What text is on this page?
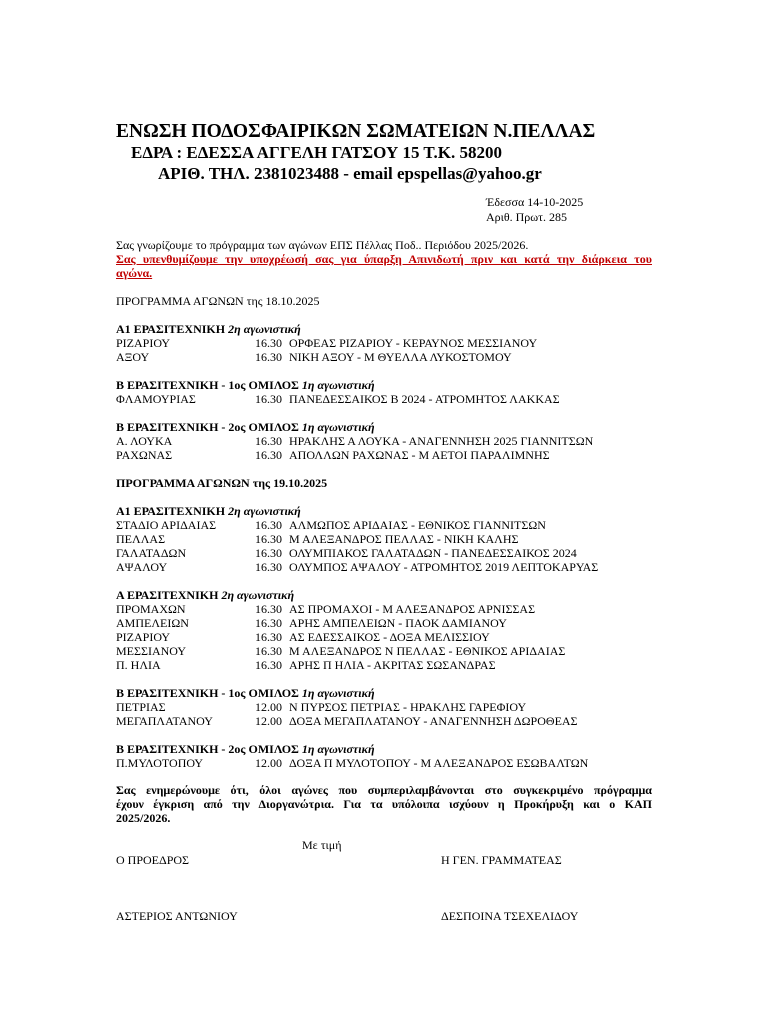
ΕΝΩΣΗ ΠΟΔΟΣΦΑΙΡΙΚΩΝ ΣΩΜΑΤΕΙΩΝ Ν.ΠΕΛΛΑΣ
ΕΔΡΑ : ΕΔΕΣΣΑ ΑΓΓΕΛΗ ΓΑΤΣΟΥ 15 Τ.Κ. 58200
ΑΡΙΘ. ΤΗΛ. 2381023488 - email epspellas@yahoo.gr
Έδεσσα 14-10-2025
Αριθ. Πρωτ. 285
Σας γνωρίζουμε το πρόγραμμα των αγώνων ΕΠΣ Πέλλας Ποδ.. Περιόδου 2025/2026.
Σας υπενθυμίζουμε την υποχρέωσή σας για ύπαρξη Απινιδωτή πριν και κατά την διάρκεια του
αγώνα.
ΠΡΟΓΡΑΜΜΑ ΑΓΩΝΩΝ της 18.10.2025
Α1 ΕΡΑΣΙΤΕΧΝΙΚΗ 2η αγωνιστική
ΡΙΖΑΡΙΟΥ	16.30 ΟΡΦΕΑΣ ΡΙΖΑΡΙΟΥ - ΚΕΡΑΥΝΟΣ ΜΕΣΣΙΑΝΟΥ
ΑΞΟΥ	16.30 ΝΙΚΗ ΑΞΟΥ - Μ ΘΥΕΛΛΑ ΛΥΚΟΣΤΟΜΟΥ
Β ΕΡΑΣΙΤΕΧΝΙΚΗ - 1ος ΟΜΙΛΟΣ 1η αγωνιστική
ΦΛΑΜΟΥΡΙΑΣ	16.30 ΠΑΝΕΔΕΣΣΑΙΚΟΣ Β 2024 - ΑΤΡΟΜΗΤΟΣ ΛΑΚΚΑΣ
Β ΕΡΑΣΙΤΕΧΝΙΚΗ - 2ος ΟΜΙΛΟΣ 1η αγωνιστική
Α. ΛΟΥΚΑ	16.30 ΗΡΑΚΛΗΣ Α ΛΟΥΚΑ - ΑΝΑΓΕΝΝΗΣΗ 2025 ΓΙΑΝΝΙΤΣΩΝ
ΡΑΧΩΝΑΣ	16.30 ΑΠΟΛΛΩΝ ΡΑΧΩΝΑΣ - Μ ΑΕΤΟΙ ΠΑΡΑΛΙΜΝΗΣ
ΠΡΟΓΡΑΜΜΑ ΑΓΩΝΩΝ της 19.10.2025
Α1 ΕΡΑΣΙΤΕΧΝΙΚΗ 2η αγωνιστική
ΣΤΑΔΙΟ ΑΡΙΔΑΙΑΣ	16.30 ΑΛΜΩΠΟΣ ΑΡΙΔΑΙΑΣ - ΕΘΝΙΚΟΣ ΓΙΑΝΝΙΤΣΩΝ
ΠΕΛΛΑΣ	16.30 Μ ΑΛΕΞΑΝΔΡΟΣ ΠΕΛΛΑΣ - ΝΙΚΗ ΚΑΛΗΣ
ΓΑΛΑΤΑΔΩΝ	16.30 ΟΛΥΜΠΙΑΚΟΣ ΓΑΛΑΤΑΔΩΝ - ΠΑΝΕΔΕΣΣΑΙΚΟΣ 2024
ΑΨΑΛΟΥ	16.30 ΟΛΥΜΠΟΣ ΑΨΑΛΟΥ - ΑΤΡΟΜΗΤΟΣ 2019 ΛΕΠΤΟΚΑΡΥΑΣ
Α ΕΡΑΣΙΤΕΧΝΙΚΗ 2η αγωνιστική
ΠΡΟΜΑΧΩΝ	16.30 ΑΣ ΠΡΟΜΑΧΟΙ - Μ ΑΛΕΞΑΝΔΡΟΣ ΑΡΝΙΣΣΑΣ
ΑΜΠΕΛΕΙΩΝ	16.30 ΑΡΗΣ ΑΜΠΕΛΕΙΩΝ - ΠΑΟΚ ΔΑΜΙΑΝΟΥ
ΡΙΖΑΡΙΟΥ	16.30 ΑΣ ΕΔΕΣΣΑΙΚΟΣ - ΔΟΞΑ ΜΕΛΙΣΣΙΟΥ
ΜΕΣΣΙΑΝΟΥ	16.30 Μ ΑΛΕΞΑΝΔΡΟΣ Ν ΠΕΛΛΑΣ - ΕΘΝΙΚΟΣ ΑΡΙΔΑΙΑΣ
Π. ΗΛΙΑ	16.30 ΑΡΗΣ Π ΗΛΙΑ - ΑΚΡΙΤΑΣ ΣΩΣΑΝΔΡΑΣ
Β ΕΡΑΣΙΤΕΧΝΙΚΗ - 1ος ΟΜΙΛΟΣ 1η αγωνιστική
ΠΕΤΡΙΑΣ	12.00 Ν ΠΥΡΣΟΣ ΠΕΤΡΙΑΣ - ΗΡΑΚΛΗΣ ΓΑΡΕΦΙΟΥ
ΜΕΓΑΠΛΑΤΑΝΟΥ	12.00 ΔΟΞΑ ΜΕΓΑΠΛΑΤΑΝΟΥ - ΑΝΑΓΕΝΝΗΣΗ ΔΩΡΟΘΕΑΣ
Β ΕΡΑΣΙΤΕΧΝΙΚΗ - 2ος ΟΜΙΛΟΣ 1η αγωνιστική
Π.ΜΥΛΟΤΟΠΟΥ	12.00 ΔΟΞΑ Π ΜΥΛΟΤΟΠΟΥ - Μ ΑΛΕΞΑΝΔΡΟΣ ΕΣΩΒΑΛΤΩΝ
Σας ενημερώνουμε ότι, όλοι αγώνες που συμπεριλαμβάνονται στο συγκεκριμένο πρόγραμμα
έχουν έγκριση από την Διοργανώτρια. Για τα υπόλοιπα ισχύουν η Προκήρυξη και ο ΚΑΠ
2025/2026.
Με τιμή
Ο ΠΡΟΕΔΡΟΣ	Η ΓΕΝ. ΓΡΑΜΜΑΤΕΑΣ
ΑΣΤΕΡΙΟΣ ΑΝΤΩΝΙΟΥ	ΔΕΣΠΟΙΝΑ ΤΣΕΧΕΛΙΔΟΥ
